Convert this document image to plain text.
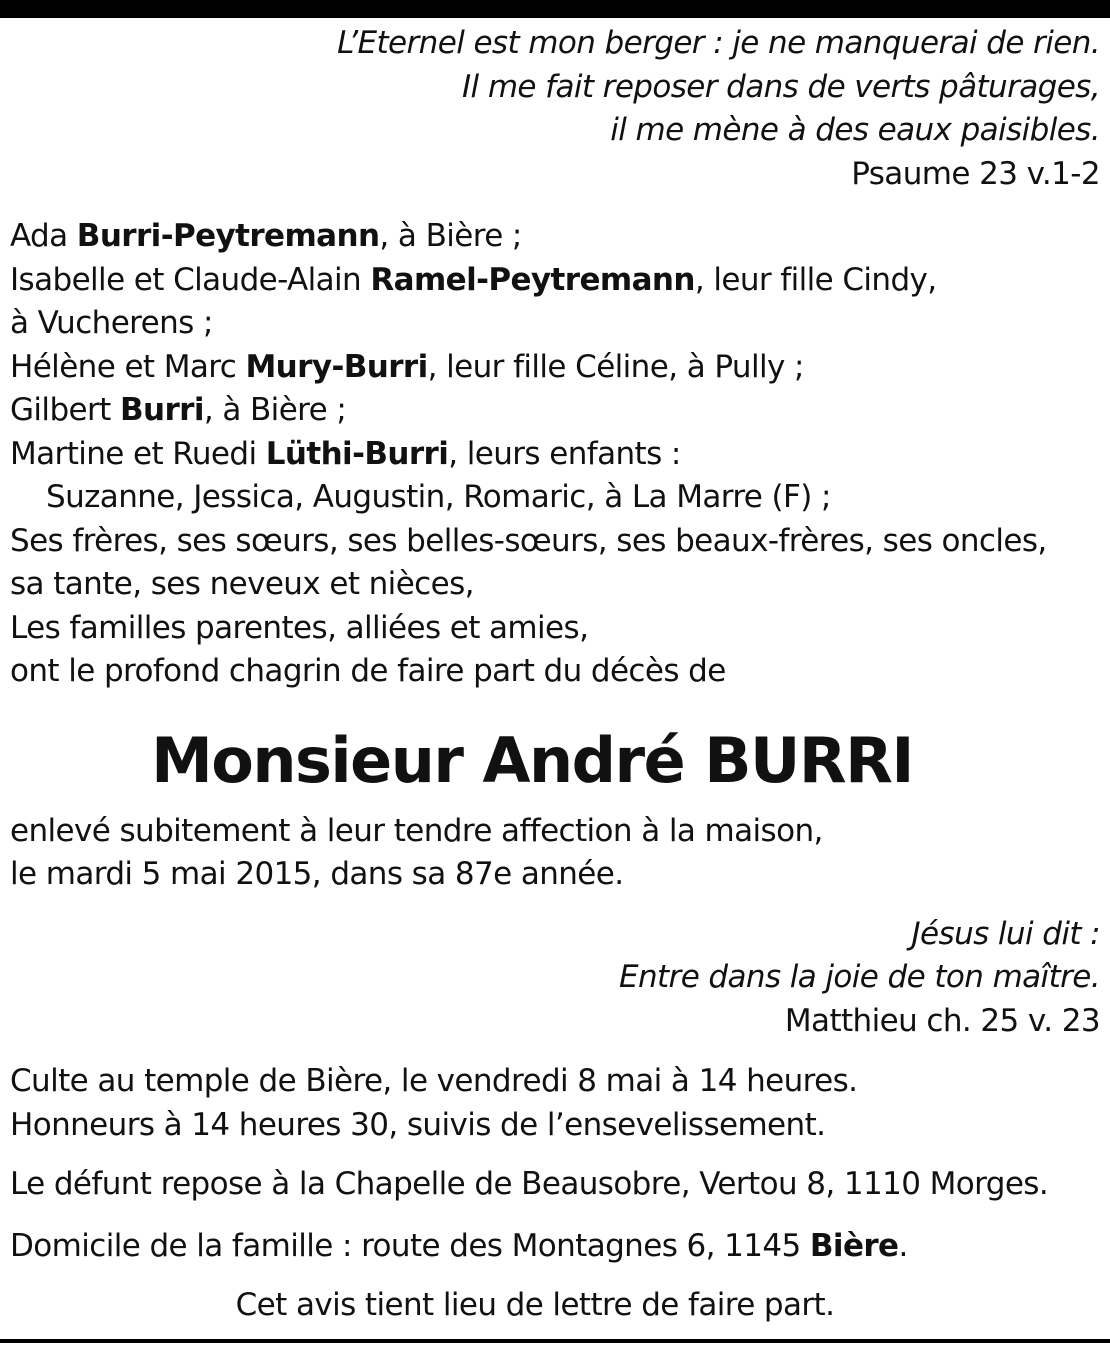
L’Eternel est mon berger : je ne manquerai de rien.
Il me fait reposer dans de verts pâturages,
il me mène à des eaux paisibles.
Psaume 23 v.1-2
Ada Burri-Peytremann, à Bière ;
Isabelle et Claude-Alain Ramel-Peytremann, leur fille Cindy,
à Vucherens ;
Hélène et Marc Mury-Burri, leur fille Céline, à Pully ;
Gilbert Burri, à Bière ;
Martine et Ruedi Lüthi-Burri, leurs enfants :
Suzanne, Jessica, Augustin, Romaric, à La Marre (F) ;
Ses frères, ses sœurs, ses belles-sœurs, ses beaux-frères, ses oncles,
sa tante, ses neveux et nièces,
Les familles parentes, alliées et amies,
ont le profond chagrin de faire part du décès de
Monsieur André BURRI
enlevé subitement à leur tendre affection à la maison,
le mardi 5 mai 2015, dans sa 87e année.
Jésus lui dit :
Entre dans la joie de ton maître.
Matthieu ch. 25 v. 23
Culte au temple de Bière, le vendredi 8 mai à 14 heures.
Honneurs à 14 heures 30, suivis de l’ensevelissement.
Le défunt repose à la Chapelle de Beausobre, Vertou 8, 1110 Morges.
Domicile de la famille : route des Montagnes 6, 1145 Bière.
Cet avis tient lieu de lettre de faire part.
